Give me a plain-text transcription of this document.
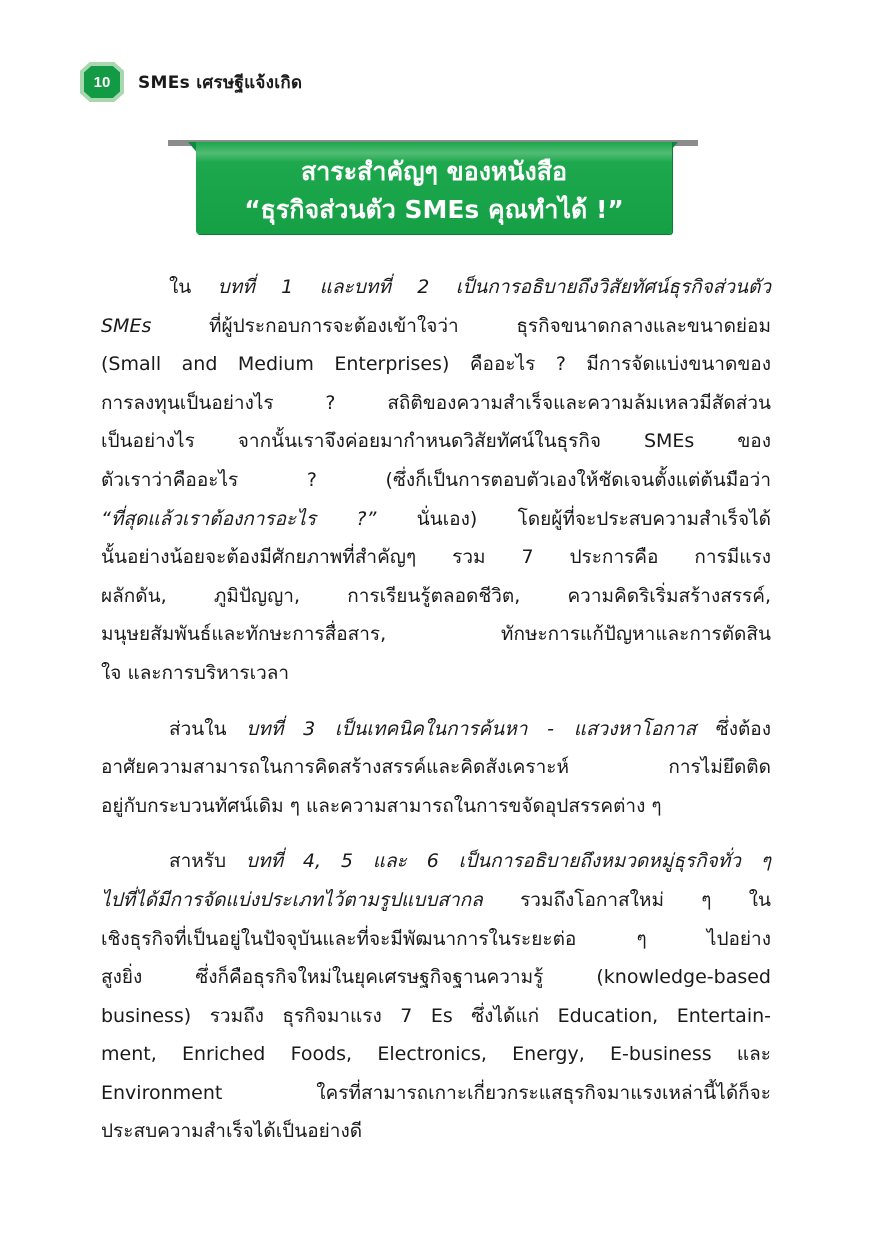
10 SMEs เศรษฐีแจ้งเกิด
สาระสำคัญๆ ของหนังสือ
“ธุรกิจส่วนตัว SMEs คุณทำได้ !”
ใน บทที่ 1 และบทที่ 2 เป็นการอธิบายถึงวิสัยทัศน์ธุรกิจส่วนตัว
SMEs ที่ผู้ประกอบการจะต้องเข้าใจว่า ธุรกิจขนาดกลางและขนาดย่อม
(Small and Medium Enterprises) คืออะไร ? มีการจัดแบ่งขนาดของ
การลงทุนเป็นอย่างไร ? สถิติของความสำเร็จและความล้มเหลวมีสัดส่วน
เป็นอย่างไร จากนั้นเราจึงค่อยมากำหนดวิสัยทัศน์ในธุรกิจ SMEs ของ
ตัวเราว่าคืออะไร ? (ซึ่งก็เป็นการตอบตัวเองให้ชัดเจนตั้งแต่ต้นมือว่า
“ที่สุดแล้วเราต้องการอะไร ?” นั่นเอง) โดยผู้ที่จะประสบความสำเร็จได้
นั้นอย่างน้อยจะต้องมีศักยภาพที่สำคัญๆ รวม 7 ประการคือ การมีแรง
ผลักดัน, ภูมิปัญญา, การเรียนรู้ตลอดชีวิต, ความคิดริเริ่มสร้างสรรค์,
มนุษยสัมพันธ์และทักษะการสื่อสาร, ทักษะการแก้ปัญหาและการตัดสิน
ใจ และการบริหารเวลา
ส่วนใน บทที่ 3 เป็นเทคนิคในการค้นหา - แสวงหาโอกาส ซึ่งต้อง
อาศัยความสามารถในการคิดสร้างสรรค์และคิดสังเคราะห์ การไม่ยึดติด
อยู่กับกระบวนทัศน์เดิม ๆ และความสามารถในการขจัดอุปสรรคต่าง ๆ
สาหรับ บทที่ 4, 5 และ 6 เป็นการอธิบายถึงหมวดหมู่ธุรกิจทั่ว ๆ
ไปที่ได้มีการจัดแบ่งประเภทไว้ตามรูปแบบสากล รวมถึงโอกาสใหม่ ๆ ใน
เชิงธุรกิจที่เป็นอยู่ในปัจจุบันและที่จะมีพัฒนาการในระยะต่อ ๆ ไปอย่าง
สูงยิ่ง ซึ่งก็คือธุรกิจใหม่ในยุคเศรษฐกิจฐานความรู้ (knowledge-based
business) รวมถึง ธุรกิจมาแรง 7 Es ซึ่งได้แก่ Education, Entertain-
ment, Enriched Foods, Electronics, Energy, E-business และ
Environment ใครที่สามารถเกาะเกี่ยวกระแสธุรกิจมาแรงเหล่านี้ได้ก็จะ
ประสบความสำเร็จได้เป็นอย่างดี
